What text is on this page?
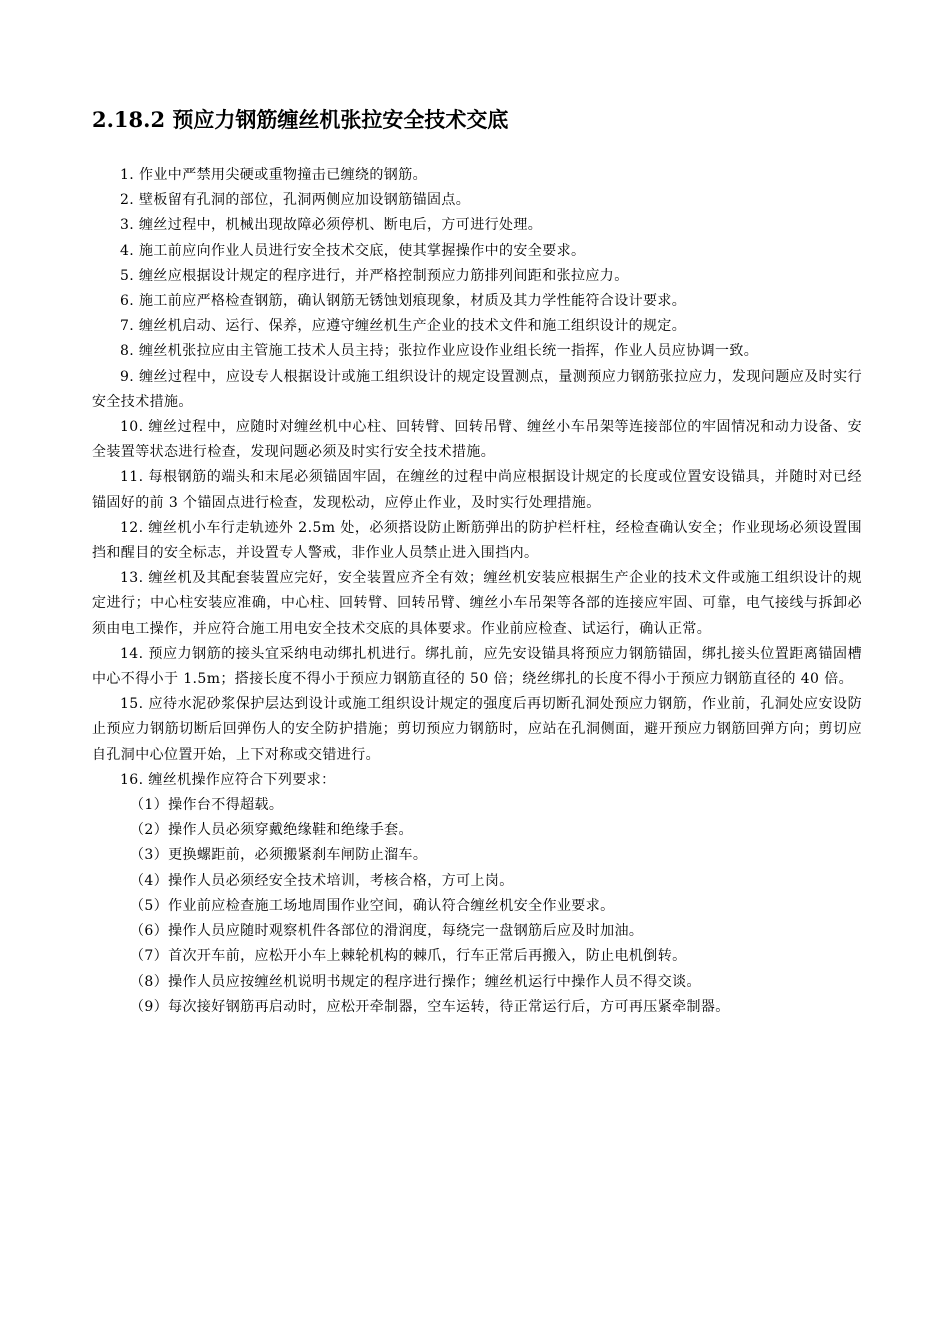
2.18.2 预应力钢筋缠丝机张拉安全技术交底

1. 作业中严禁用尖硬或重物撞击已缠绕的钢筋。

2. 壁板留有孔洞的部位，孔洞两侧应加设钢筋锚固点。

3. 缠丝过程中，机械出现故障必须停机、断电后，方可进行处理。

4. 施工前应向作业人员进行安全技术交底，使其掌握操作中的安全要求。

5. 缠丝应根据设计规定的程序进行，并严格控制预应力筋排列间距和张拉应力。

6. 施工前应严格检查钢筋，确认钢筋无锈蚀划痕现象，材质及其力学性能符合设计要求。

7. 缠丝机启动、运行、保养，应遵守缠丝机生产企业的技术文件和施工组织设计的规定。

8. 缠丝机张拉应由主管施工技术人员主持；张拉作业应设作业组长统一指挥，作业人员应协调一致。

9. 缠丝过程中，应设专人根据设计或施工组织设计的规定设置测点，量测预应力钢筋张拉应力，发现问题应及时实行安全技术措施。

10. 缠丝过程中，应随时对缠丝机中心柱、回转臂、回转吊臂、缠丝小车吊架等连接部位的牢固情况和动力设备、安全装置等状态进行检查，发现问题必须及时实行安全技术措施。

11. 每根钢筋的端头和末尾必须锚固牢固，在缠丝的过程中尚应根据设计规定的长度或位置安设锚具，并随时对已经锚固好的前 3 个锚固点进行检查，发现松动，应停止作业，及时实行处理措施。

12. 缠丝机小车行走轨迹外 2.5m 处，必须搭设防止断筋弹出的防护栏杆柱，经检查确认安全；作业现场必须设置围挡和醒目的安全标志，并设置专人警戒，非作业人员禁止进入围挡内。

13. 缠丝机及其配套装置应完好，安全装置应齐全有效；缠丝机安装应根据生产企业的技术文件或施工组织设计的规定进行；中心柱安装应准确，中心柱、回转臂、回转吊臂、缠丝小车吊架等各部的连接应牢固、可靠，电气接线与拆卸必须由电工操作，并应符合施工用电安全技术交底的具体要求。作业前应检查、试运行，确认正常。

14. 预应力钢筋的接头宜采纳电动绑扎机进行。绑扎前，应先安设锚具将预应力钢筋锚固，绑扎接头位置距离锚固槽中心不得小于 1.5m；搭接长度不得小于预应力钢筋直径的 50 倍；绕丝绑扎的长度不得小于预应力钢筋直径的 40 倍。

15. 应待水泥砂浆保护层达到设计或施工组织设计规定的强度后再切断孔洞处预应力钢筋，作业前，孔洞处应安设防止预应力钢筋切断后回弹伤人的安全防护措施；剪切预应力钢筋时，应站在孔洞侧面，避开预应力钢筋回弹方向；剪切应自孔洞中心位置开始，上下对称或交错进行。

16. 缠丝机操作应符合下列要求：

（1）操作台不得超载。

（2）操作人员必须穿戴绝缘鞋和绝缘手套。

（3）更换螺距前，必须搬紧刹车闸防止溜车。

（4）操作人员必须经安全技术培训，考核合格，方可上岗。

（5）作业前应检查施工场地周围作业空间，确认符合缠丝机安全作业要求。

（6）操作人员应随时观察机件各部位的滑润度，每绕完一盘钢筋后应及时加油。

（7）首次开车前，应松开小车上棘轮机构的棘爪，行车正常后再搬入，防止电机倒转。

（8）操作人员应按缠丝机说明书规定的程序进行操作；缠丝机运行中操作人员不得交谈。

（9）每次接好钢筋再启动时，应松开牵制器，空车运转，待正常运行后，方可再压紧牵制器。
